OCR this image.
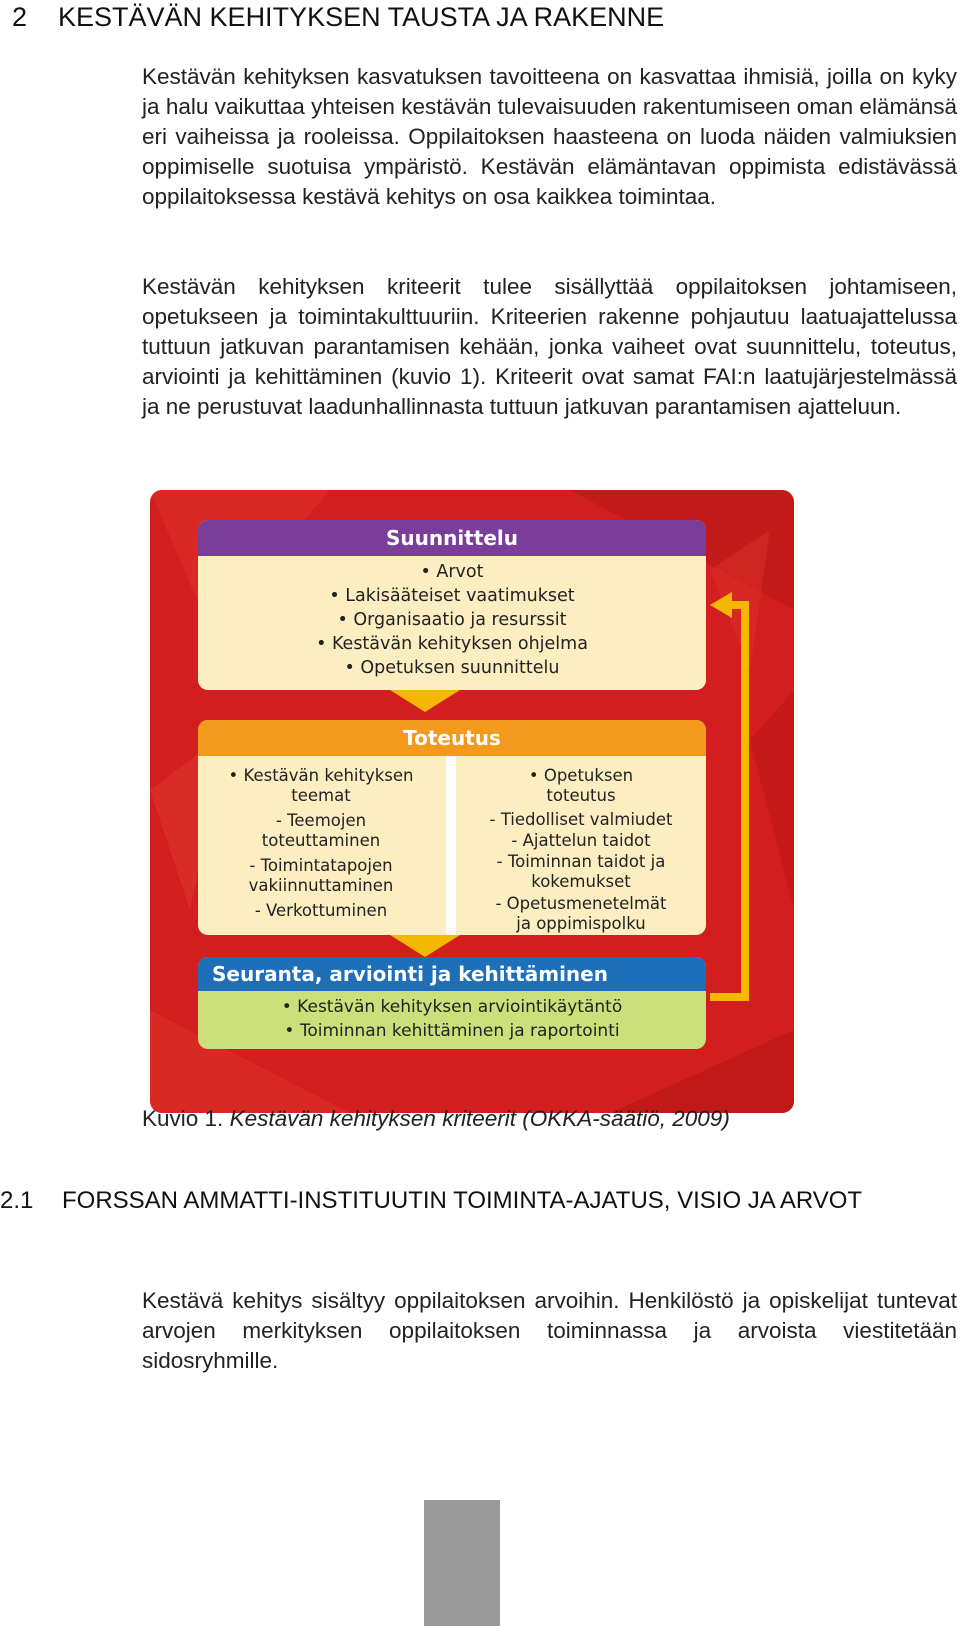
2 KESTÄVÄN KEHITYKSEN TAUSTA JA RAKENNE
Kestävän kehityksen kasvatuksen tavoitteena on kasvattaa ihmisiä, joilla on kyky ja halu vaikuttaa yhteisen kestävän tulevaisuuden rakentumiseen oman elämänsä eri vaiheissa ja rooleissa. Oppilaitoksen haasteena on luoda näiden valmiuksien oppimiselle suotuisa ympäristö. Kestävän elämäntavan oppimista edistävässä oppilaitoksessa kestävä kehitys on osa kaikkea toimintaa.
Kestävän kehityksen kriteerit tulee sisällyttää oppilaitoksen johtamiseen, opetukseen ja toimintakulttuuriin. Kriteerien rakenne pohjautuu laatuajattelussa tuttuun jatkuvan parantamisen kehään, jonka vaiheet ovat suunnittelu, toteutus, arviointi ja kehittäminen (kuvio 1). Kriteerit ovat samat FAI:n laatujärjestelmässä ja ne perustuvat laadunhallinnasta tuttuun jatkuvan parantamisen ajatteluun.
Suunnittelu
• Arvot
• Lakisääteiset vaatimukset
• Organisaatio ja resurssit
• Kestävän kehityksen ohjelma
• Opetuksen suunnittelu
Toteutus
• Kestävän kehityksen
teemat
- Teemojen
toteuttaminen
- Toimintatapojen
vakiinnuttaminen
- Verkottuminen
• Opetuksen
toteutus
- Tiedolliset valmiudet
- Ajattelun taidot
- Toiminnan taidot ja
kokemukset
- Opetusmenetelmät
ja oppimispolku
Seuranta, arviointi ja kehittäminen
• Kestävän kehityksen arviointikäytäntö
• Toiminnan kehittäminen ja raportointi
Kuvio 1. Kestävän kehityksen kriteerit (OKKA-säätiö, 2009)
2.1 FORSSAN AMMATTI-INSTITUUTIN TOIMINTA-AJATUS, VISIO JA ARVOT
Kestävä kehitys sisältyy oppilaitoksen arvoihin. Henkilöstö ja opiskelijat tuntevat arvojen merkityksen oppilaitoksen toiminnassa ja arvoista viestitetään sidosryhmille.
